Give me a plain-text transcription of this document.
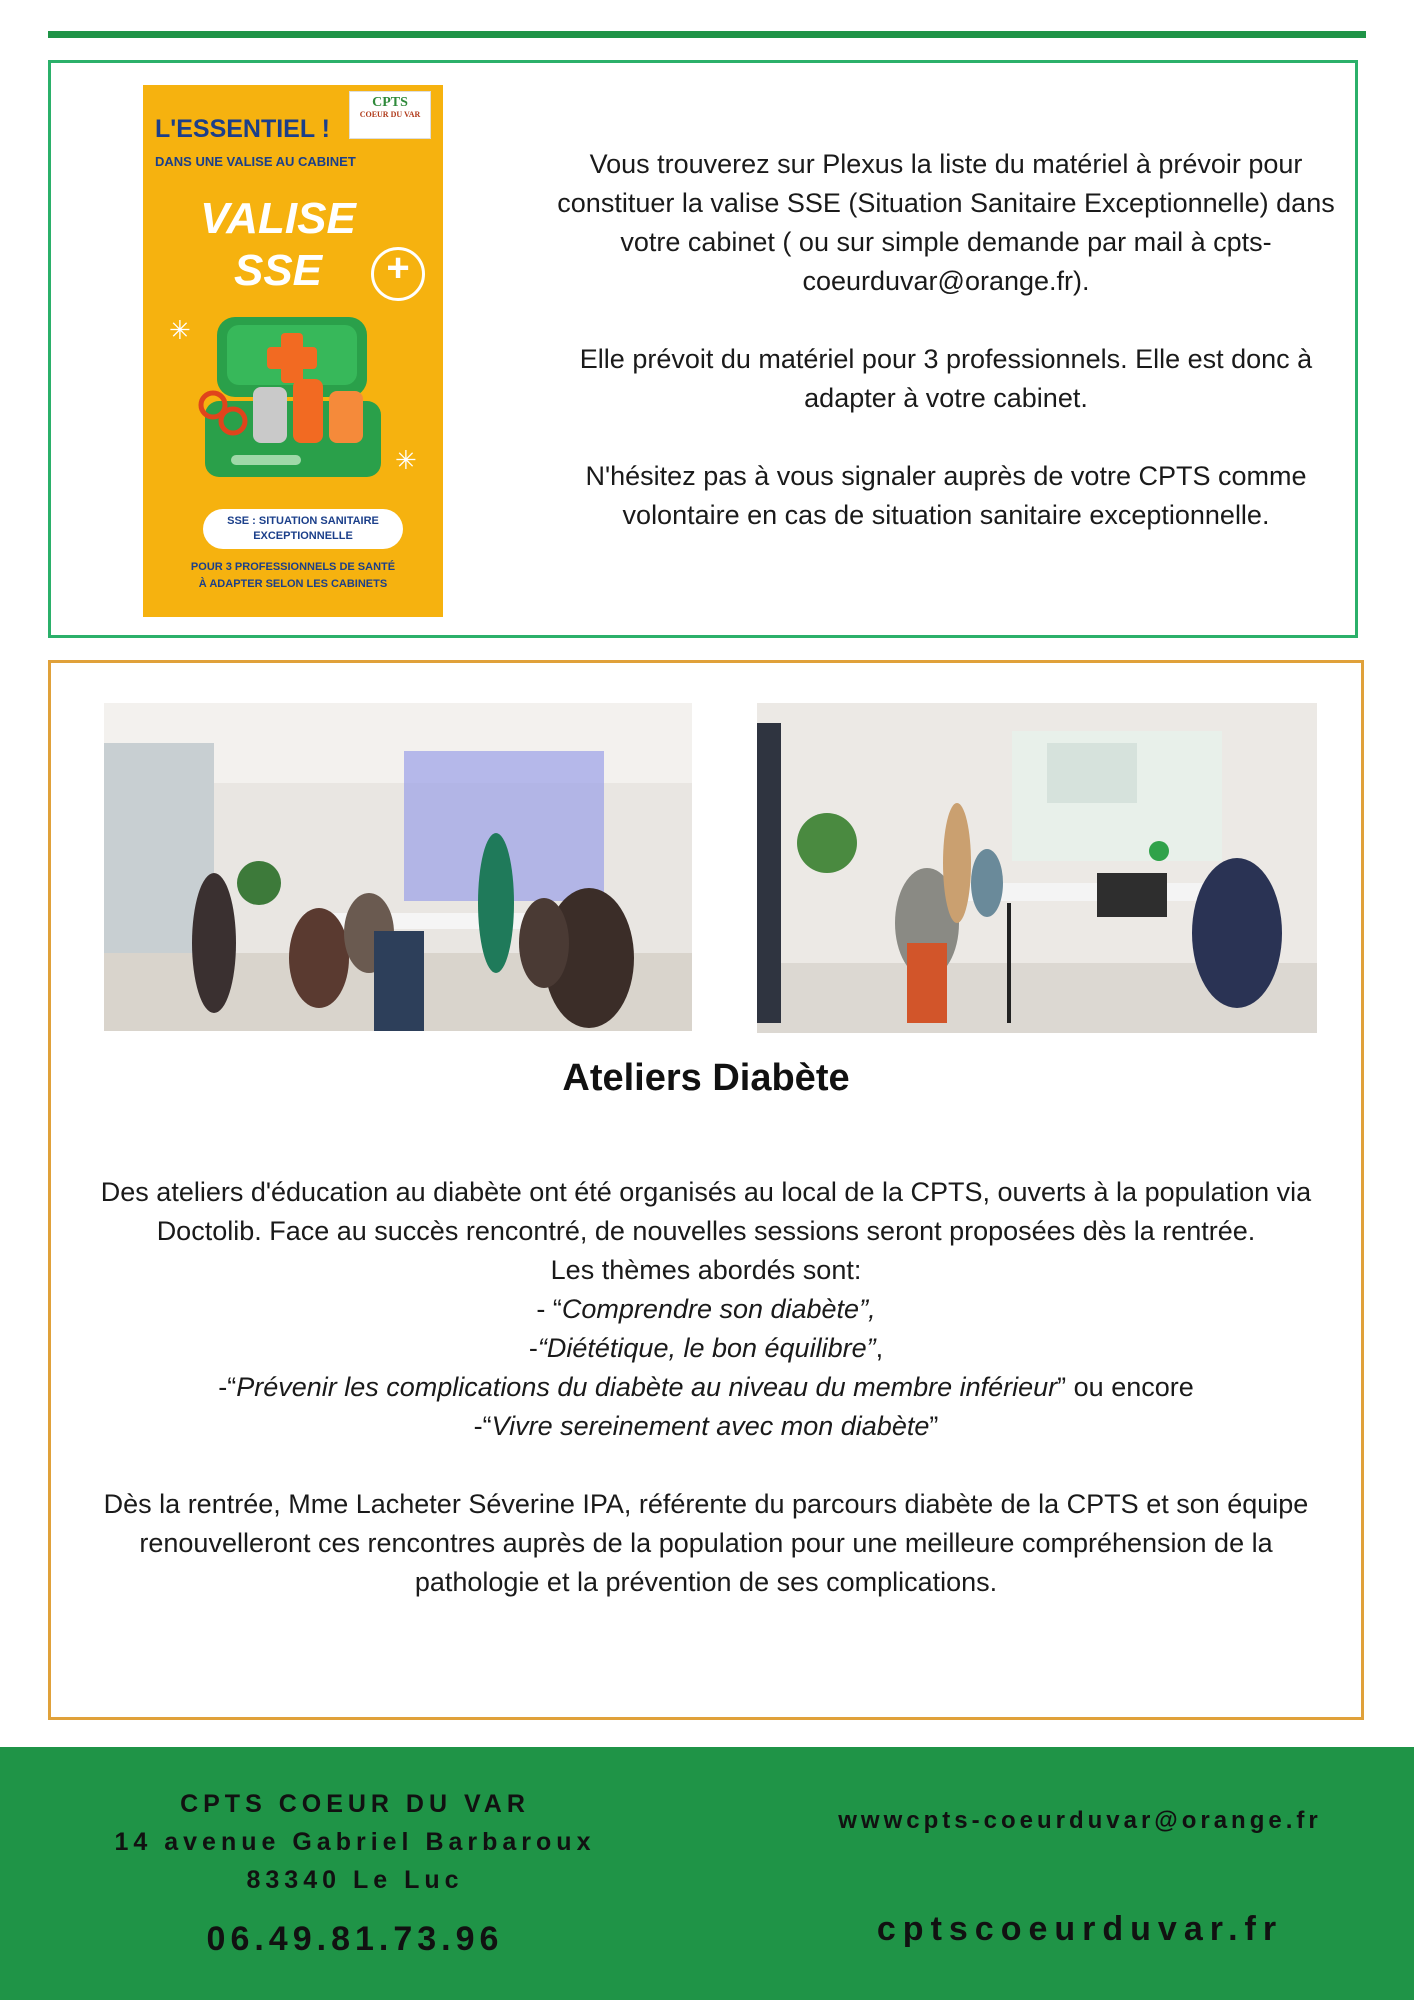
CPTS
COEUR DU VAR
L'ESSENTIEL !
DANS UNE VALISE AU CABINET
VALISE
SSE
+
✳
✳
SSE : SITUATION SANITAIRE
EXCEPTIONNELLE
POUR 3 PROFESSIONNELS DE SANTÉ
À ADAPTER SELON LES CABINETS

Vous trouverez sur Plexus la liste du matériel à prévoir pour constituer la valise SSE (Situation Sanitaire Exceptionnelle) dans votre cabinet ( ou sur simple demande par mail à cpts-coeurduvar@orange.fr).

Elle prévoit du matériel pour 3 professionnels. Elle est donc à adapter à votre cabinet.

N'hésitez pas à vous signaler auprès de votre CPTS comme volontaire en cas de situation sanitaire exceptionnelle.

Ateliers Diabète

Des ateliers d'éducation au diabète ont été organisés au local de la CPTS, ouverts à la population via Doctolib. Face au succès rencontré, de nouvelles sessions seront proposées dès la rentrée.

Les thèmes abordés sont:

- “Comprendre son diabète”,

-“Diététique, le bon équilibre”,

-“Prévenir les complications du diabète au niveau du membre inférieur” ou encore

-“Vivre sereinement avec mon diabète”

Dès la rentrée, Mme Lacheter Séverine IPA, référente du parcours diabète de la CPTS et son équipe renouvelleront ces rencontres auprès de la population pour une meilleure compréhension de la pathologie et la prévention de ses complications.

CPTS COEUR DU VAR
14 avenue Gabriel Barbaroux
83340 Le Luc
06.49.81.73.96
wwwcpts-coeurduvar@orange.fr
cptscoeurduvar.fr
